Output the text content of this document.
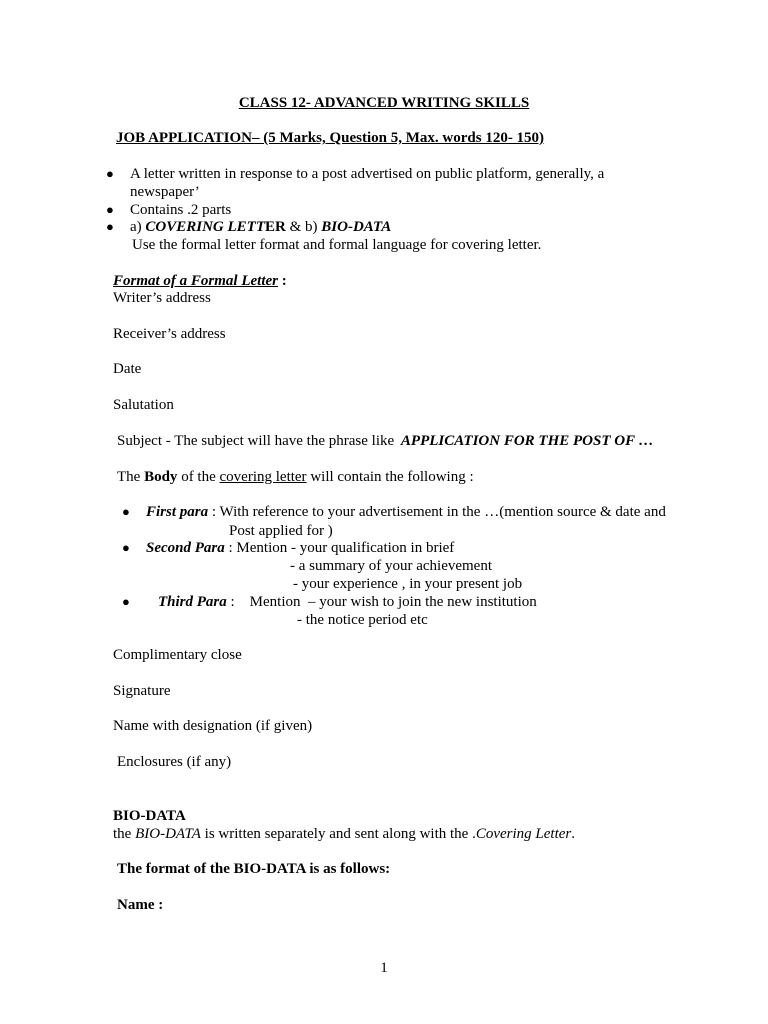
CLASS 12- ADVANCED WRITING SKILLS
JOB APPLICATION– (5 Marks, Question 5, Max. words 120- 150)
● A letter written in response to a post advertised on public platform, generally, a
newspaper’
● Contains .2 parts
● a) COVERING LETTER & b) BIO-DATA
Use the formal letter format and formal language for covering letter.
Format of a Formal Letter :
Writer’s address
Receiver’s address
Date
Salutation
Subject - The subject will have the phrase like APPLICATION FOR THE POST OF …
The Body of the covering letter will contain the following :
● First para : With reference to your advertisement in the …(mention source & date and
Post applied for )
● Second Para : Mention - your qualification in brief
- a summary of your achievement
- your experience , in your present job
● Third Para :    Mention  – your wish to join the new institution
- the notice period etc
Complimentary close
Signature
Name with designation (if given)
Enclosures (if any)
BIO-DATA
the BIO-DATA is written separately and sent along with the .Covering Letter.
The format of the BIO-DATA is as follows:
Name :
1
